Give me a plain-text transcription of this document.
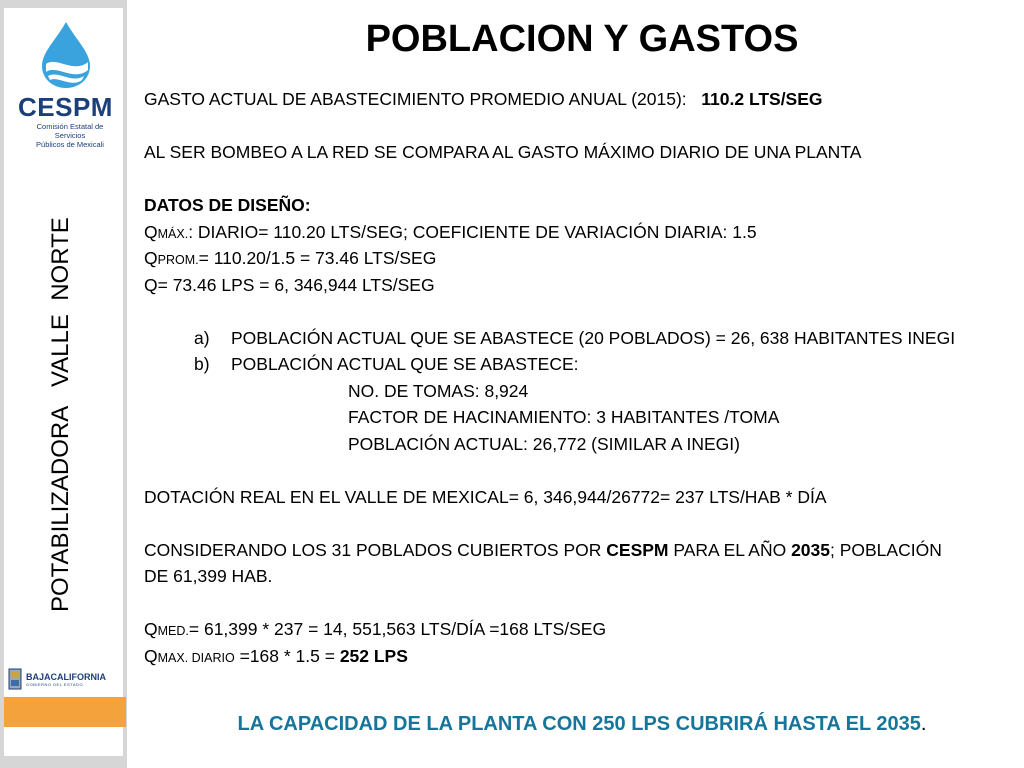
CESPM
Comisión Estatal de Servicios
Públicos de Mexicali
POTABILIZADORA   VALLE  NORTE
BAJACALIFORNIA
GOBIERNO DEL ESTADO
POBLACION Y GASTOS
GASTO ACTUAL DE ABASTECIMIENTO PROMEDIO ANUAL (2015): 110.2 LTS/SEG
AL SER BOMBEO A LA RED SE COMPARA AL GASTO MÁXIMO DIARIO DE UNA PLANTA
DATOS DE DISEÑO:
QMÁX.: DIARIO= 110.20 LTS/SEG; COEFICIENTE DE VARIACIÓN DIARIA: 1.5
QPROM.= 110.20/1.5 = 73.46 LTS/SEG
Q= 73.46 LPS = 6, 346,944 LTS/SEG
a)	POBLACIÓN ACTUAL QUE SE ABASTECE (20 POBLADOS) = 26, 638 HABITANTES INEGI
b)	POBLACIÓN ACTUAL QUE SE ABASTECE:
NO. DE TOMAS: 8,924
FACTOR DE HACINAMIENTO: 3 HABITANTES /TOMA
POBLACIÓN ACTUAL: 26,772 (SIMILAR A INEGI)
DOTACIÓN REAL EN EL VALLE DE MEXICAL= 6, 346,944/26772= 237 LTS/HAB * DÍA
CONSIDERANDO LOS 31 POBLADOS CUBIERTOS POR CESPM PARA EL AÑO 2035; POBLACIÓN
DE 61,399 HAB.
QMED.= 61,399 * 237 = 14, 551,563 LTS/DÍA =168 LTS/SEG
QMAX. DIARIO =168 * 1.5 = 252 LPS
LA CAPACIDAD DE LA PLANTA CON 250 LPS CUBRIRÁ HASTA EL 2035.
